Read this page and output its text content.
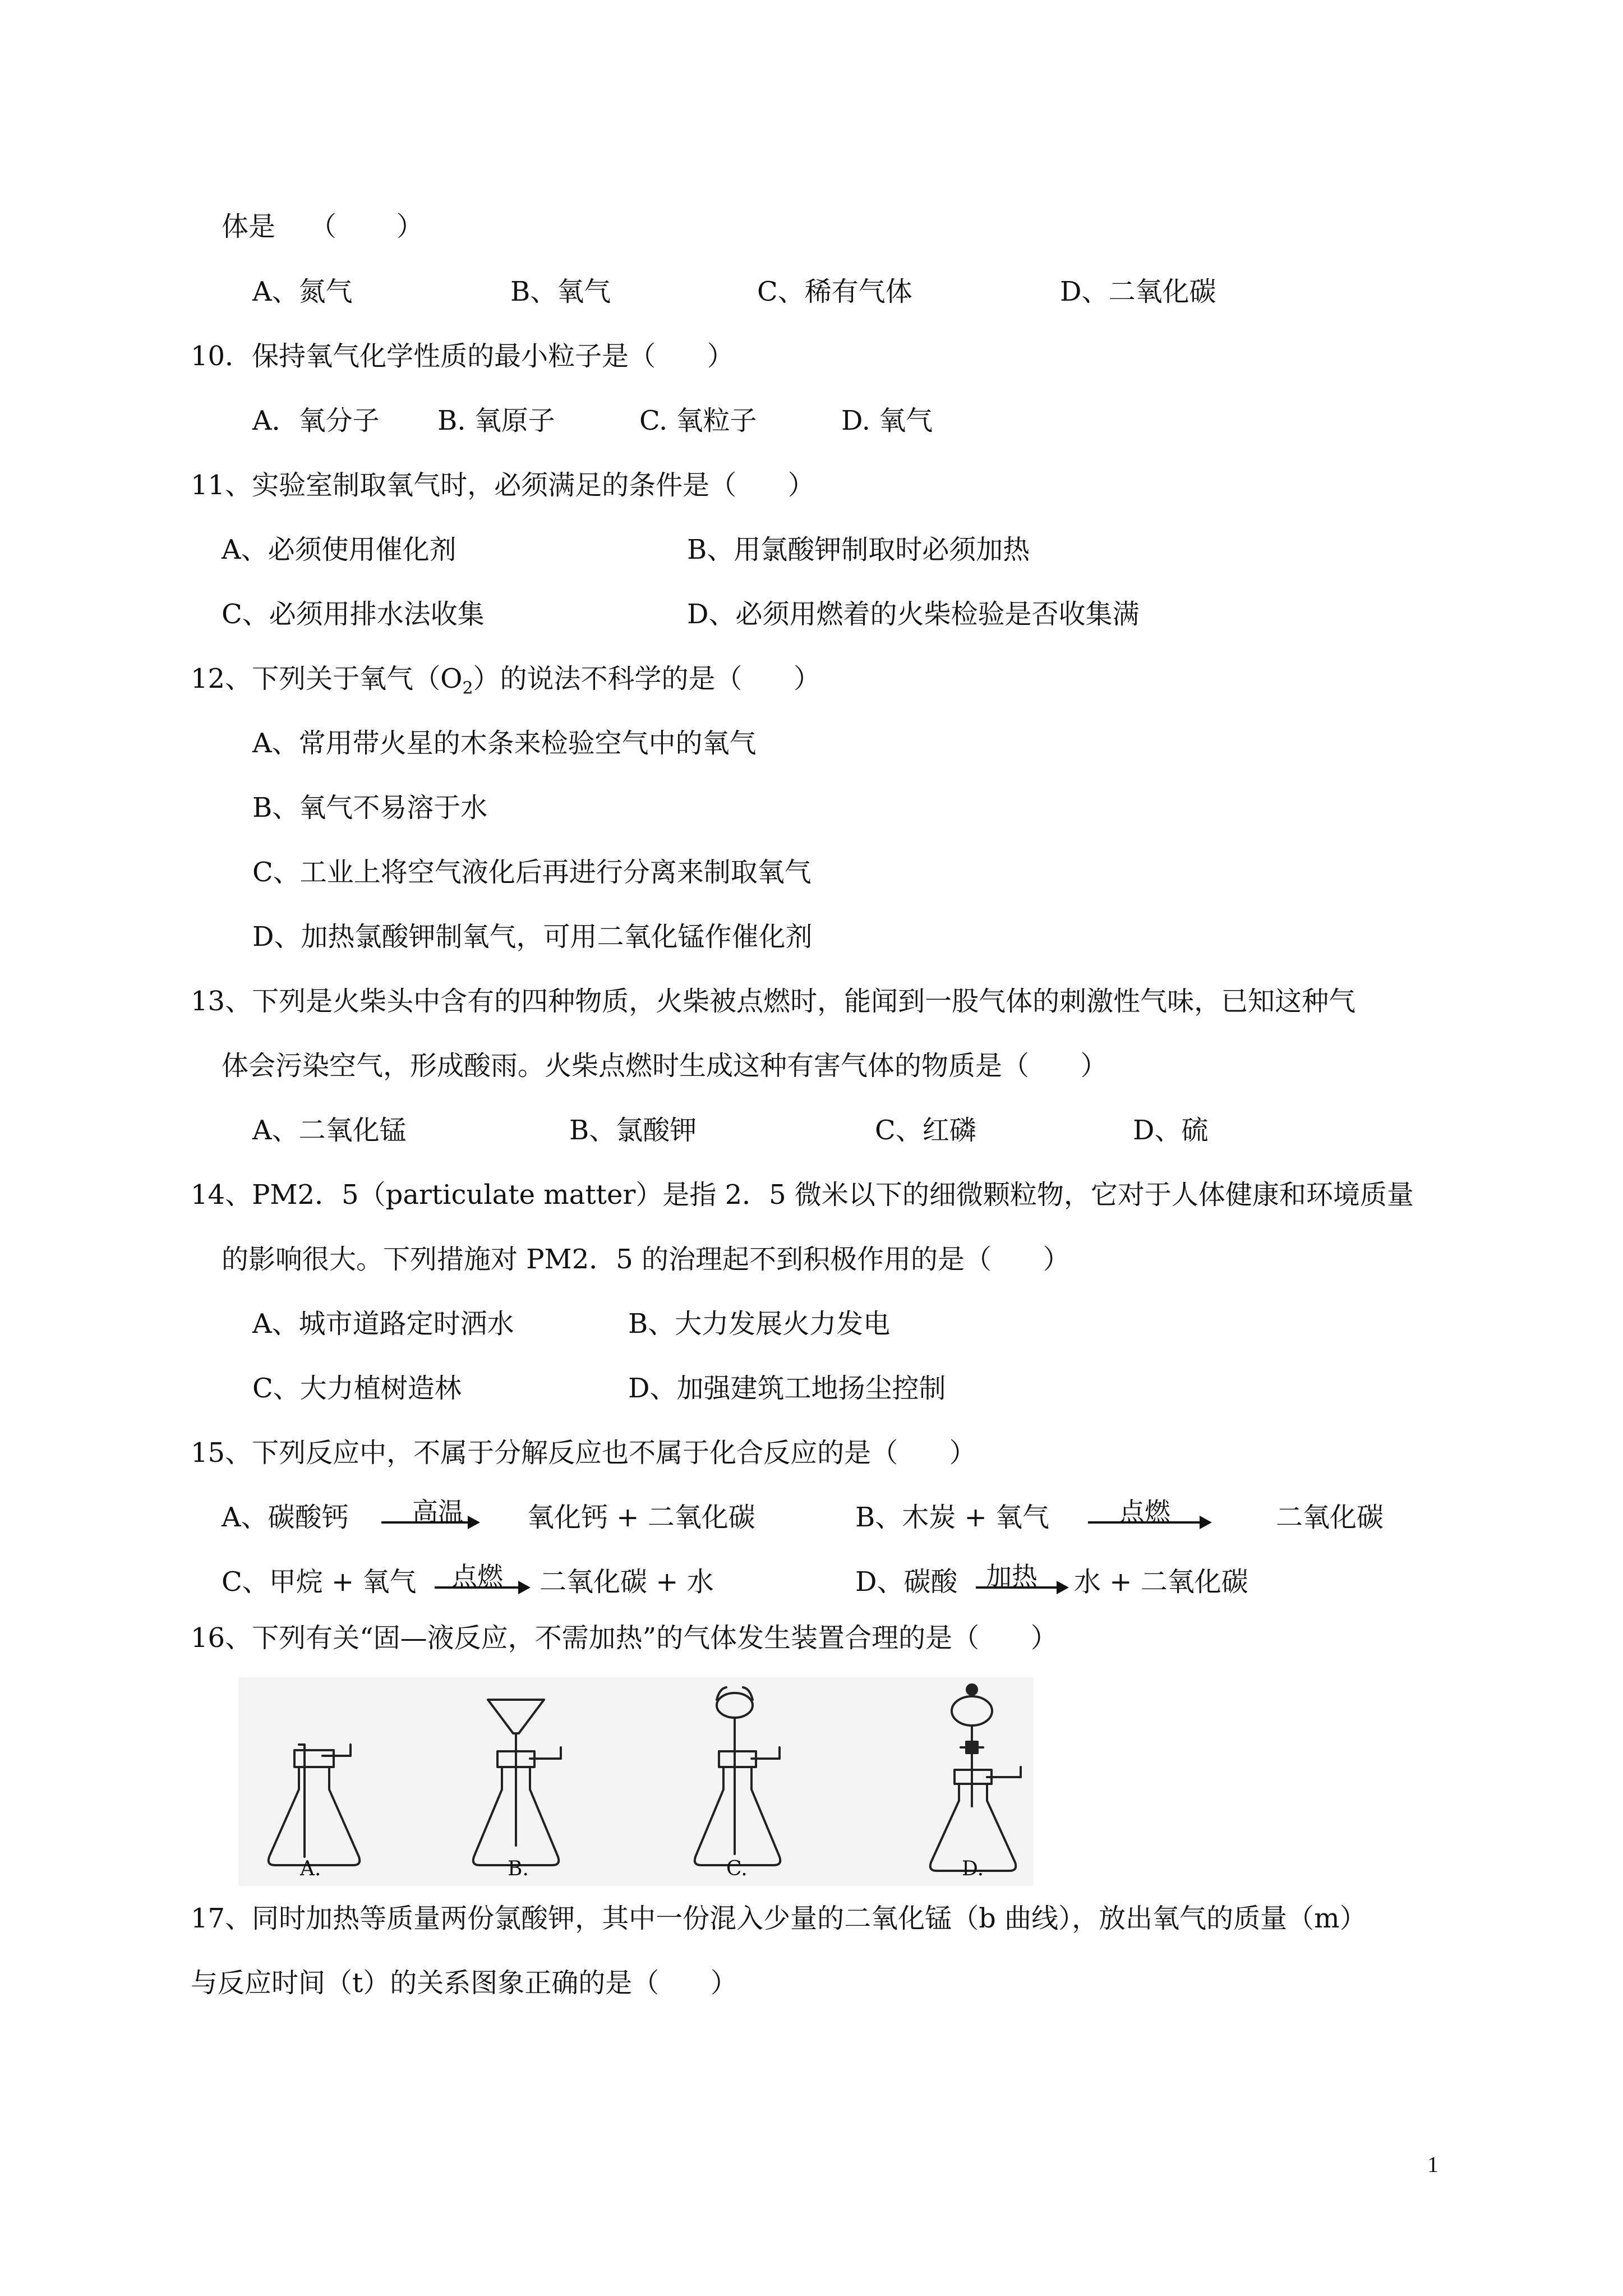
体是    （       ）
A、氮气	B、氧气	C、稀有气体	D、二氧化碳
10．保持氧气化学性质的最小粒子是（      ）
A．氧分子 B. 氧原子	C. 氧粒子	D. 氧气
11、实验室制取氧气时，必须满足的条件是（      ）
A、必须使用催化剂	B、用氯酸钾制取时必须加热
C、必须用排水法收集	D、必须用燃着的火柴检验是否收集满
12、下列关于氧气$(O_2)$的说法不科学的是（      ）
A、常用带火星的木条来检验空气中的氧气
B、氧气不易溶于水
C、工业上将空气液化后再进行分离来制取氧气
D、加热氯酸钾制氧气，可用二氧化锰作催化剂
13、下列是火柴头中含有的四种物质，火柴被点燃时，能闻到一股气体的刺激性气味，已知这种气
体会污染空气，形成酸雨。火柴点燃时生成这种有害气体的物质是（      ）
A、二氧化锰	B、氯酸钾	C、红磷	D、硫
14、PM2．5（particulate matter）是指 2．5 微米以下的细微颗粒物，它对于人体健康和环境质量
的影响很大。下列措施对 PM2．5 的治理起不到积极作用的是（      ）
A、城市道路定时洒水	B、大力发展火力发电
C、大力植树造林	D、加强建筑工地扬尘控制
15、下列反应中，不属于分解反应也不属于化合反应的是（      ）
A、碳酸钙 高温 氧化钙 + 二氧化碳	B、木炭 + 氧气	点燃	二氧化碳
C、甲烷 + 氧气 点燃 二氧化碳 + 水	D、碳酸 加热 水 + 二氧化碳
16、下列有关“固—液反应，不需加热”的气体发生装置合理的是（      ）
A.	B.	C.	D.
17、同时加热等质量两份氯酸钾，其中一份混入少量的二氧化锰（b 曲线），放出氧气的质量（m）
与反应时间（t）的关系图象正确的是（      ）
1
